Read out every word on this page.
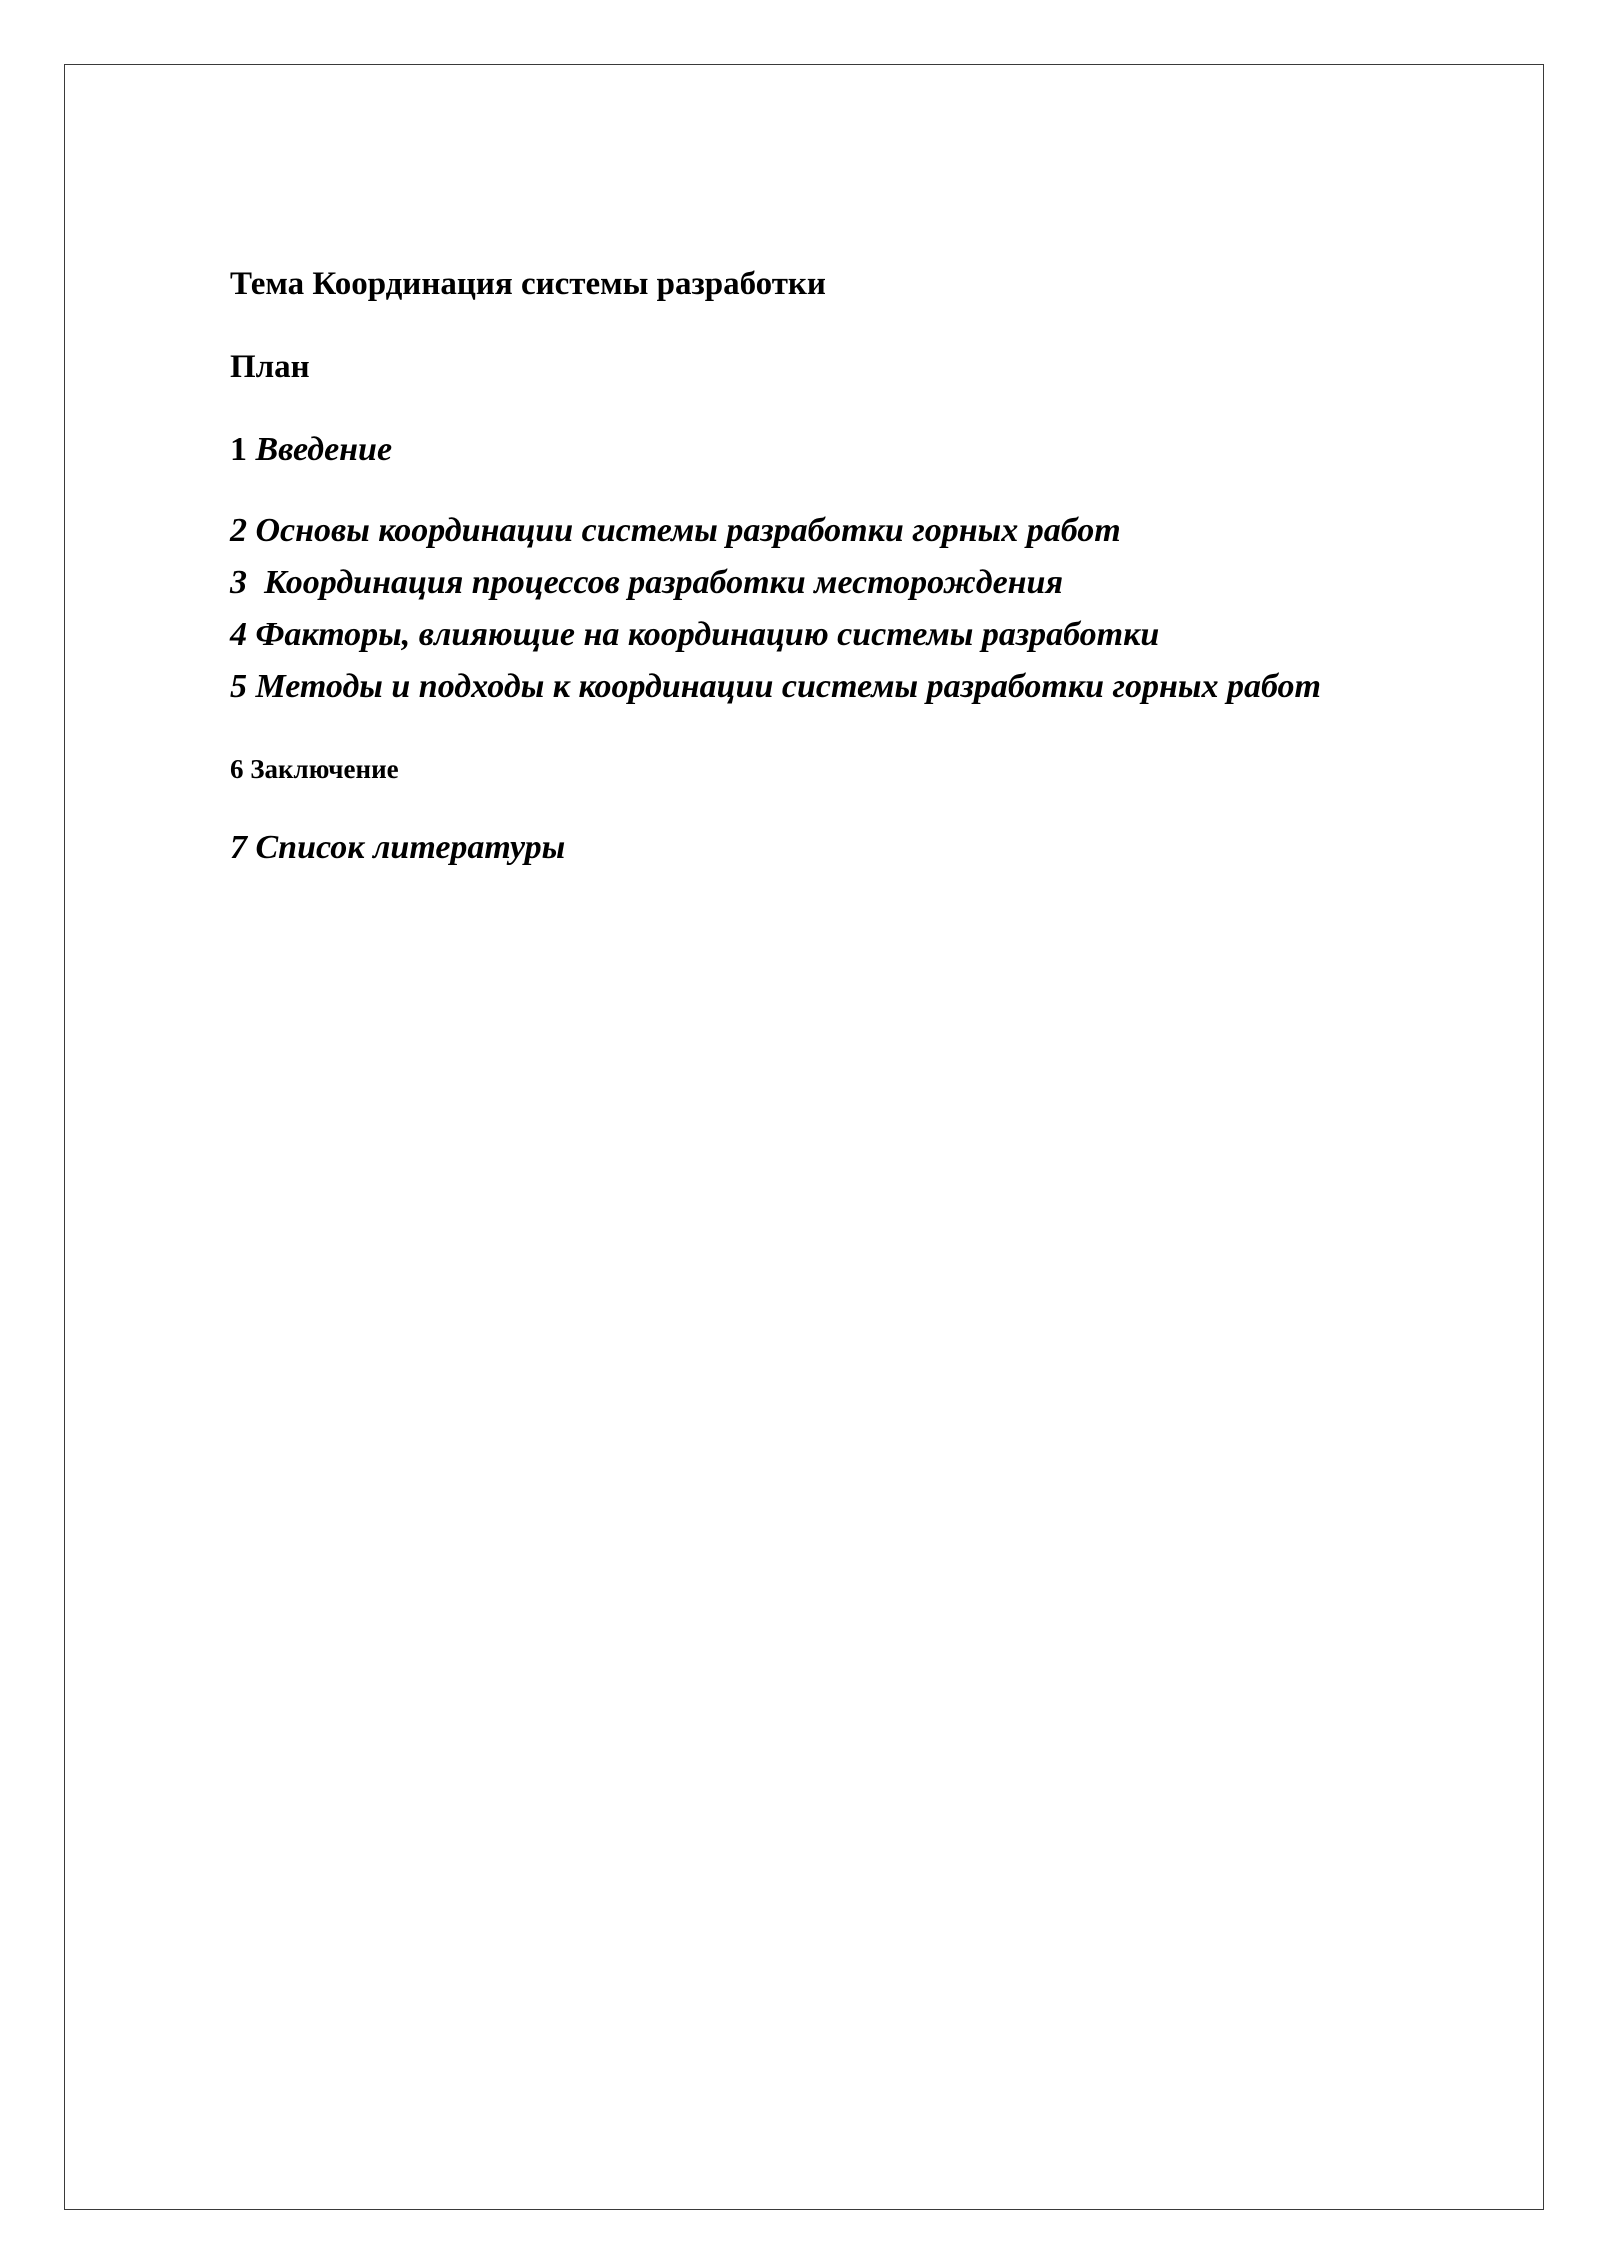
Тема Координация системы разработки
План
1 Введение
2 Основы координации системы разработки горных работ
3  Координация процессов разработки месторождения
4 Факторы, влияющие на координацию системы разработки
5 Методы и подходы к координации системы разработки горных работ
6 Заключение
7 Список литературы
